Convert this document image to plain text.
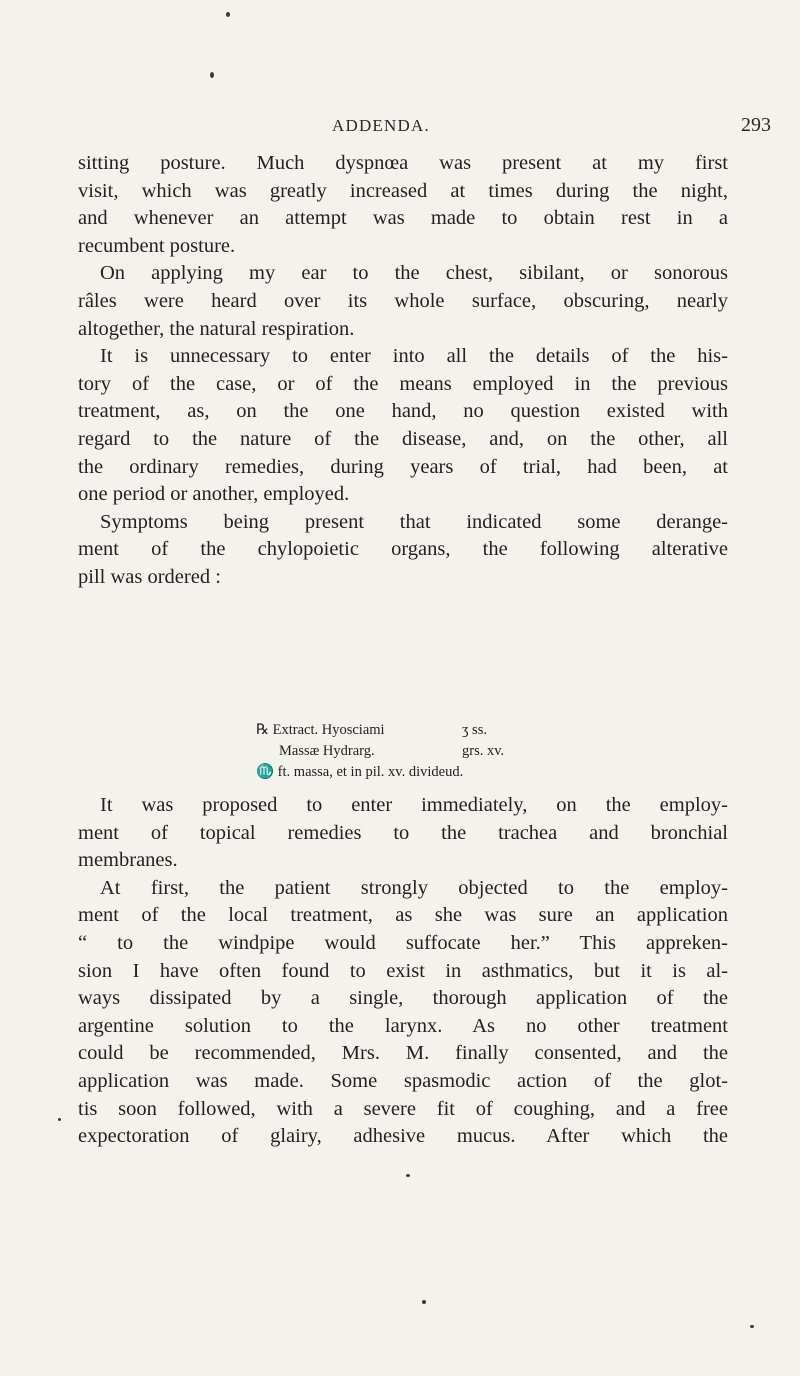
ADDENDA.	293
sitting posture. Much dyspnœa was present at my first
visit, which was greatly increased at times during the night,
and whenever an attempt was made to obtain rest in a
recumbent posture.
On applying my ear to the chest, sibilant, or sonorous
râles were heard over its whole surface, obscuring, nearly
altogether, the natural respiration.
It is unnecessary to enter into all the details of the his-
tory of the case, or of the means employed in the previous
treatment, as, on the one hand, no question existed with
regard to the nature of the disease, and, on the other, all
the ordinary remedies, during years of trial, had been, at
one period or another, employed.
Symptoms being present that indicated some derange-
ment of the chylopoietic organs, the following alterative
pill was ordered :
℞ Extract. Hyosciami	ʒ ss.
Massæ Hydrarg.	grs. xv.
♏ ft. massa, et in pil. xv. divideud.
It was proposed to enter immediately, on the employ-
ment of topical remedies to the trachea and bronchial
membranes.
At first, the patient strongly objected to the employ-
ment of the local treatment, as she was sure an application
“ to the windpipe would suffocate her.” This appreken-
sion I have often found to exist in asthmatics, but it is al-
ways dissipated by a single, thorough application of the
argentine solution to the larynx. As no other treatment
could be recommended, Mrs. M. finally consented, and the
application was made. Some spasmodic action of the glot-
tis soon followed, with a severe fit of coughing, and a free
expectoration of glairy, adhesive mucus. After which the
